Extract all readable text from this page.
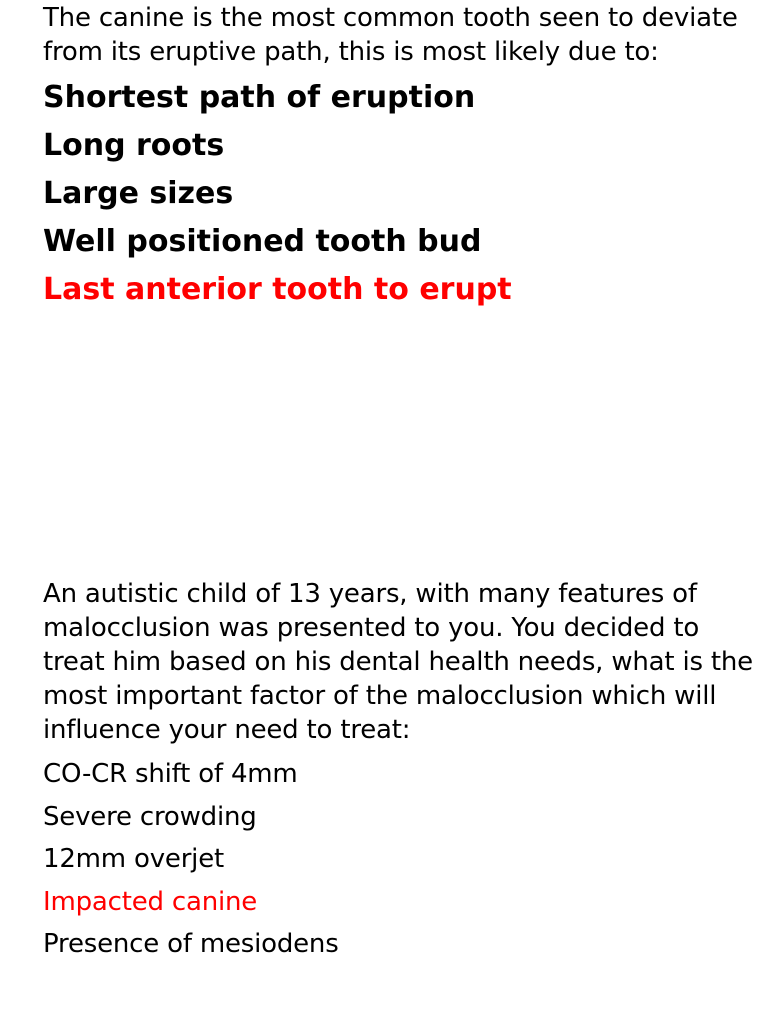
The canine is the most common tooth seen to deviate from its eruptive path, this is most likely due to:

Shortest path of eruption
Long roots
Large sizes
Well positioned tooth bud
Last anterior tooth to erupt

An autistic child of 13 years, with many features of malocclusion was presented to you. You decided to treat him based on his dental health needs, what is the most important factor of the malocclusion which will influence your need to treat:

CO-CR shift of 4mm
Severe crowding
12mm overjet
Impacted canine
Presence of mesiodens
